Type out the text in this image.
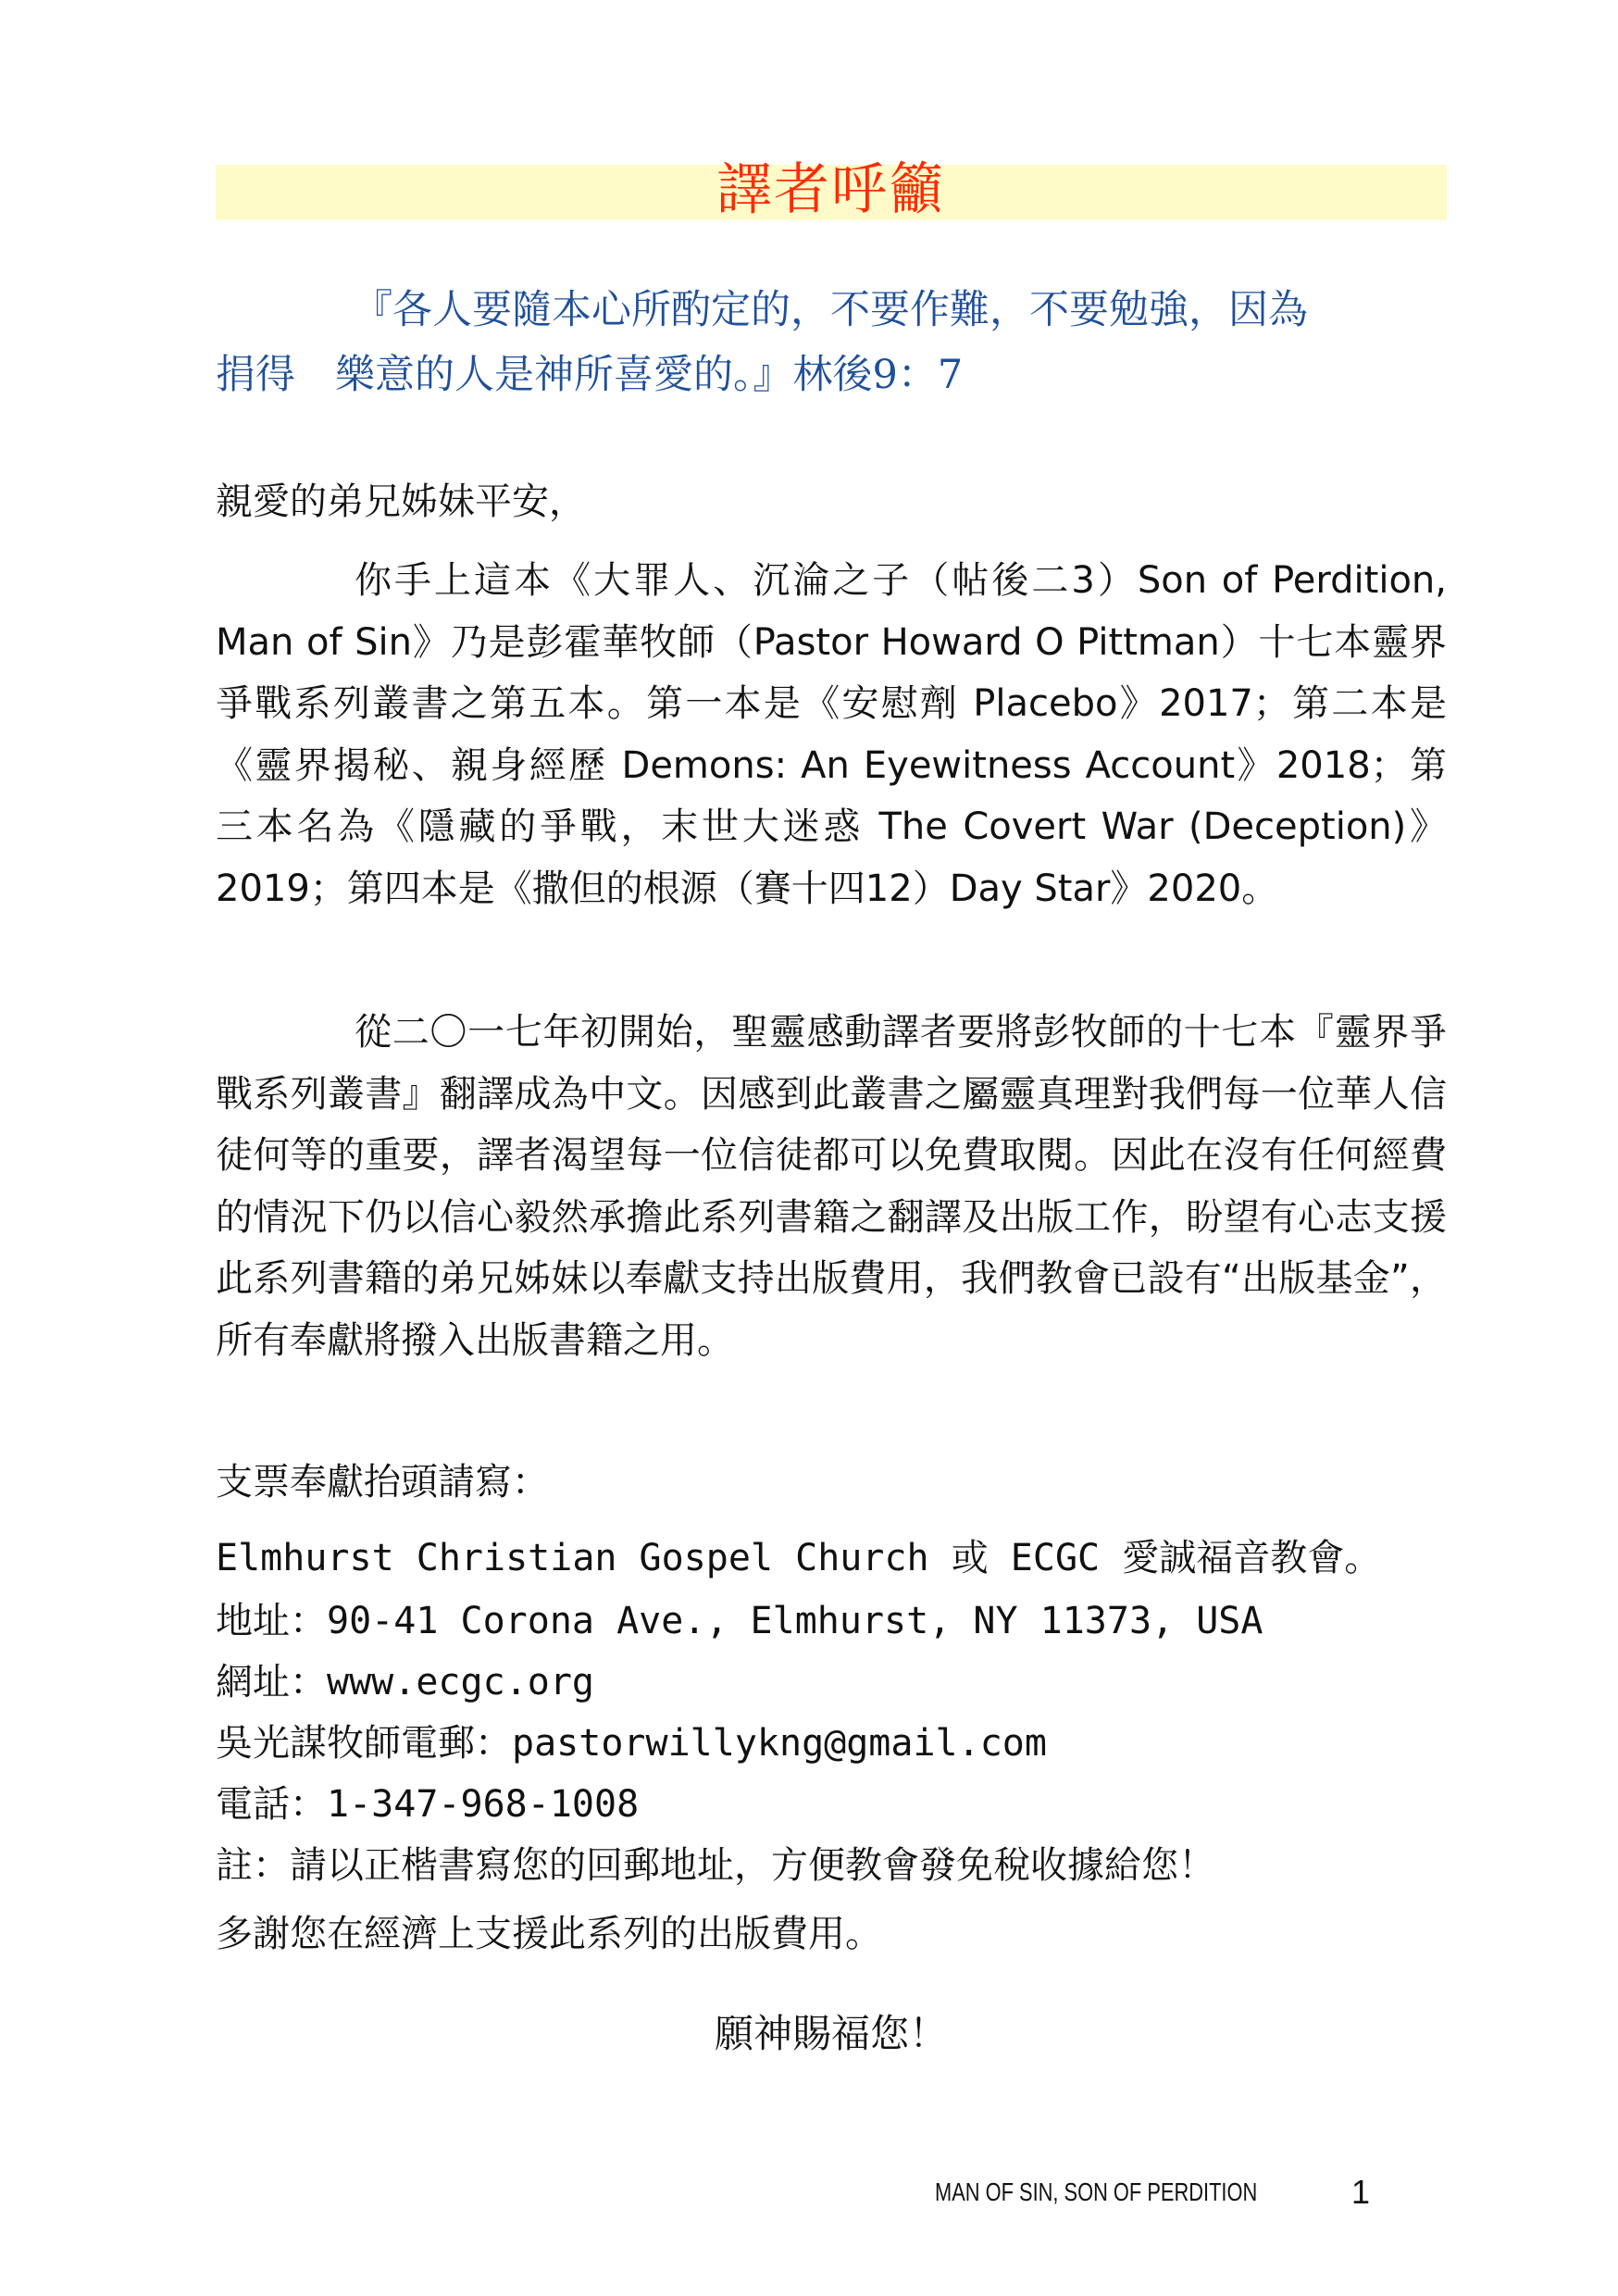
譯者呼籲

『各人要隨本心所酌定的，不要作難，不要勉強，因為

捐得　樂意的人是神所喜愛的。』林後9：7

親愛的弟兄姊妹平安，
你手上這本《大罪人、沉淪之子（帖後二3）Son of Perdition, Man of Sin》乃是彭霍華牧師（Pastor Howard O Pittman）十七本靈界爭戰系列叢書之第五本。第一本是《安慰劑 Placebo》2017；第二本是《靈界揭秘、親身經歷 Demons: An Eyewitness Account》2018；第三本名為《隱藏的爭戰，末世大迷惑 The Covert War (Deception)》2019；第四本是《撒但的根源（賽十四12）Day Star》2020。
從二〇一七年初開始，聖靈感動譯者要將彭牧師的十七本『靈界爭戰系列叢書』翻譯成為中文。因感到此叢書之屬靈真理對我們每一位華人信徒何等的重要，譯者渴望每一位信徒都可以免費取閱。因此在沒有任何經費的情況下仍以信心毅然承擔此系列書籍之翻譯及出版工作，盼望有心志支援此系列書籍的弟兄姊妹以奉獻支持出版費用，我們教會已設有“出版基金”，所有奉獻將撥入出版書籍之用。
支票奉獻抬頭請寫：
Elmhurst Christian Gospel Church 或 ECGC 愛誠福音教會。
地址：90-41 Corona Ave., Elmhurst, NY 11373, USA
網址：www.ecgc.org
吳光謀牧師電郵：pastorwillykng@gmail.com
電話：1-347-968-1008
註：請以正楷書寫您的回郵地址，方便教會發免稅收據給您！
多謝您在經濟上支援此系列的出版費用。
願神賜福您！
MAN OF SIN, SON OF PERDITION	1
